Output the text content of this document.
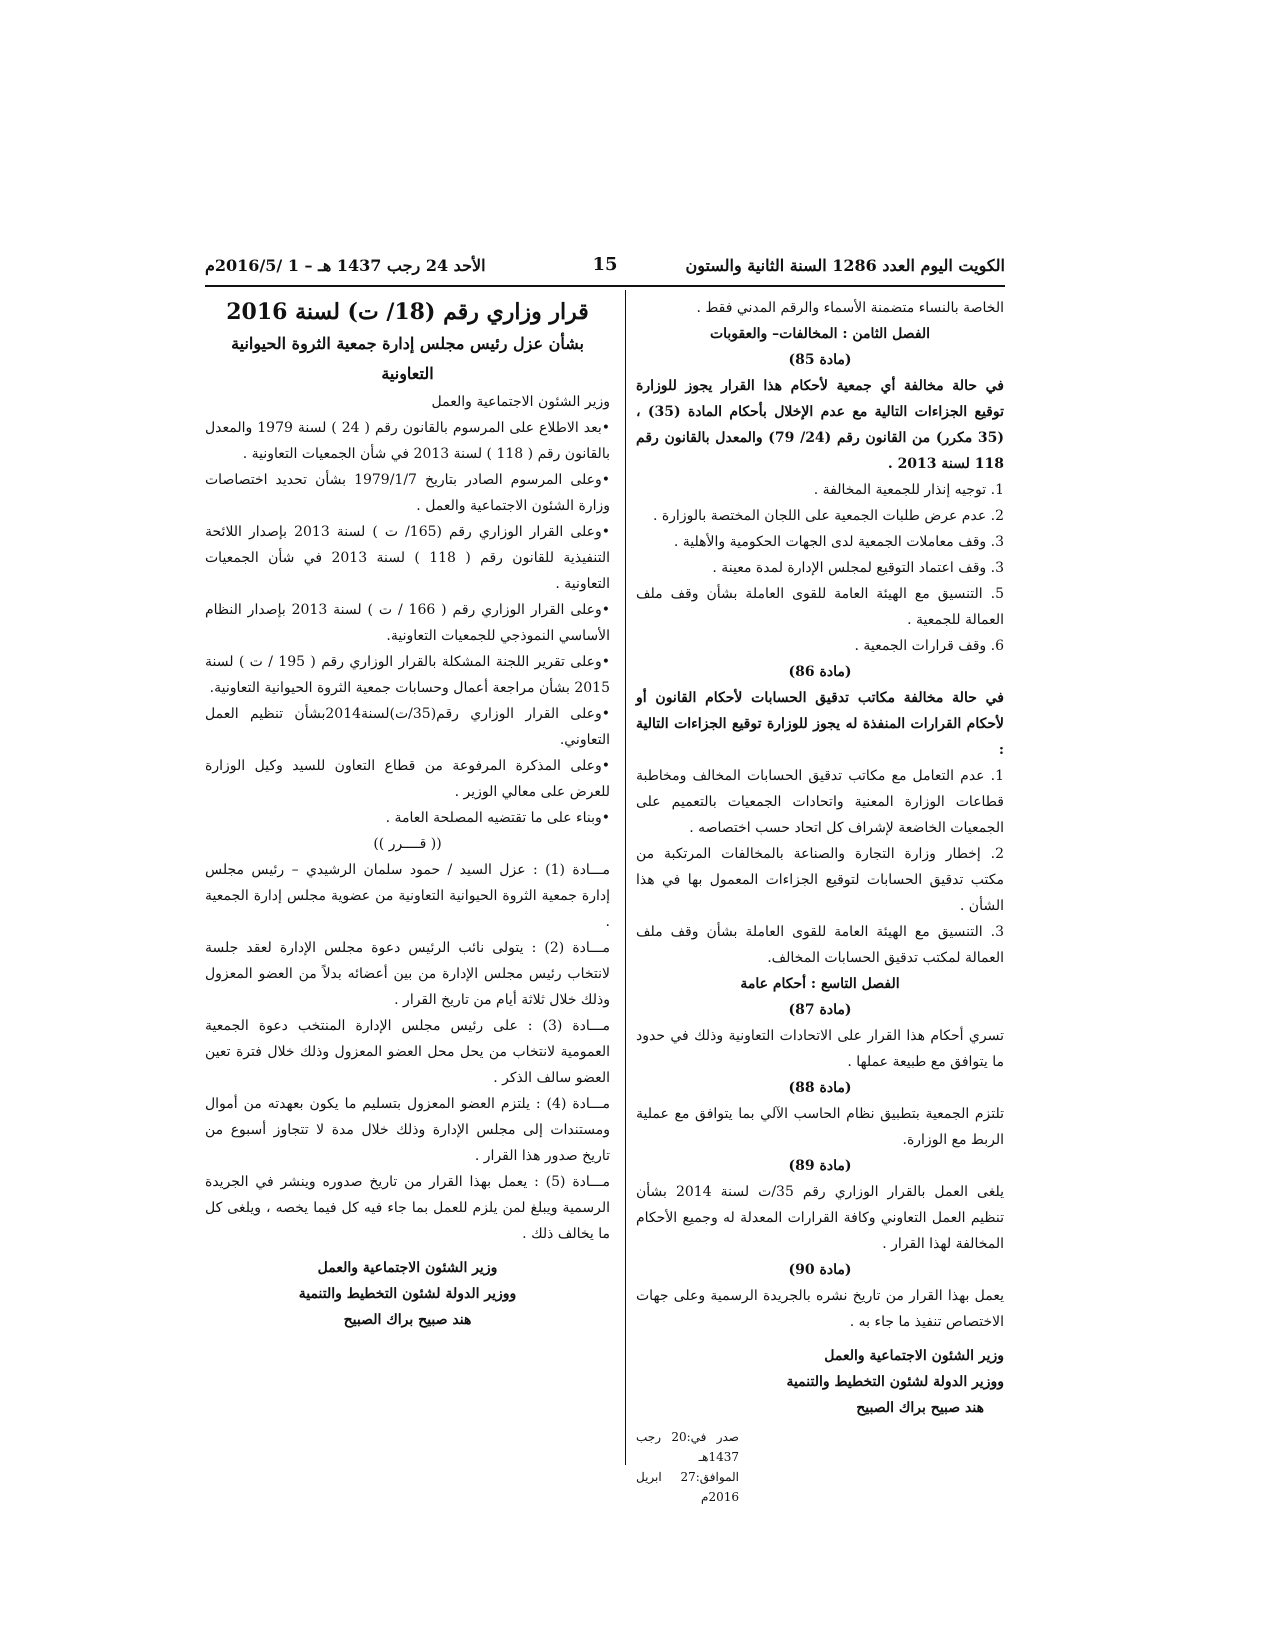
الكويت اليوم العدد 1286 السنة الثانية والستون
15
الأحد 24 رجب 1437 هـ – 1 /2016/5م
الخاصة بالنساء متضمنة الأسماء والرقم المدني فقط .
الفصل الثامن : المخالفات– والعقوبات
(مادة 85)
في حالة مخالفة أي جمعية لأحكام هذا القرار يجوز للوزارة توقيع الجزاءات التالية مع عدم الإخلال بأحكام المادة (35) ، (35 مكرر) من القانون رقم (24/ 79) والمعدل بالقانون رقم 118 لسنة 2013 .
1. توجيه إنذار للجمعية المخالفة .
2. عدم عرض طلبات الجمعية على اللجان المختصة بالوزارة .
3. وقف معاملات الجمعية لدى الجهات الحكومية والأهلية .
3. وقف اعتماد التوقيع لمجلس الإدارة لمدة معينة .
5. التنسيق مع الهيئة العامة للقوى العاملة بشأن وقف ملف العمالة للجمعية .
6. وقف قرارات الجمعية .
(مادة 86)
في حالة مخالفة مكاتب تدقيق الحسابات لأحكام القانون أو لأحكام القرارات المنفذة له يجوز للوزارة توقيع الجزاءات التالية :
1. عدم التعامل مع مكاتب تدقيق الحسابات المخالف ومخاطبة قطاعات الوزارة المعنية واتحادات الجمعيات بالتعميم على الجمعيات الخاضعة لإشراف كل اتحاد حسب اختصاصه .
2. إخطار وزارة التجارة والصناعة بالمخالفات المرتكبة من مكتب تدقيق الحسابات لتوقيع الجزاءات المعمول بها في هذا الشأن .
3. التنسيق مع الهيئة العامة للقوى العاملة بشأن وقف ملف العمالة لمكتب تدقيق الحسابات المخالف.
الفصل التاسع : أحكام عامة
(مادة 87)
تسري أحكام هذا القرار على الاتحادات التعاونية وذلك في حدود ما يتوافق مع طبيعة عملها .
(مادة 88)
تلتزم الجمعية بتطبيق نظام الحاسب الآلي بما يتوافق مع عملية الربط مع الوزارة.
(مادة 89)
يلغى العمل بالقرار الوزاري رقم 35/ت لسنة 2014 بشأن تنظيم العمل التعاوني وكافة القرارات المعدلة له وجميع الأحكام المخالفة لهذا القرار .
(مادة 90)
يعمل بهذا القرار من تاريخ نشره بالجريدة الرسمية وعلى جهات الاختصاص تنفيذ ما جاء به .
وزير الشئون الاجتماعية والعمل
ووزير الدولة لشئون التخطيط والتنمية
هند صبيح براك الصبيح
صدر في:20 رجب 1437هـ
الموافق:27 ابريل 2016م
قرار وزاري رقم (18/ ت) لسنة 2016
بشأن عزل رئيس مجلس إدارة جمعية الثروة الحيوانية التعاونية
وزير الشئون الاجتماعية والعمل
•بعد الاطلاع على المرسوم بالقانون رقم ( 24 ) لسنة 1979 والمعدل بالقانون رقم ( 118 ) لسنة 2013 في شأن الجمعيات التعاونية .
•وعلى المرسوم الصادر بتاريخ 1979/1/7 بشأن تحديد اختصاصات وزارة الشئون الاجتماعية والعمل .
•وعلى القرار الوزاري رقم (165/ ت ) لسنة 2013 بإصدار اللائحة التنفيذية للقانون رقم ( 118 ) لسنة 2013 في شأن الجمعيات التعاونية .
•وعلى القرار الوزاري رقم ( 166 / ت ) لسنة 2013 بإصدار النظام الأساسي النموذجي للجمعيات التعاونية.
•وعلى تقرير اللجنة المشكلة بالقرار الوزاري رقم ( 195 / ت ) لسنة 2015 بشأن مراجعة أعمال وحسابات جمعية الثروة الحيوانية التعاونية.
•وعلى القرار الوزاري رقم(35/ت)لسنة2014بشأن تنظيم العمل التعاوني.
•وعلى المذكرة المرفوعة من قطاع التعاون للسيد وكيل الوزارة للعرض على معالي الوزير .
•وبناء على ما تقتضيه المصلحة العامة .
(( قــــرر ))
مـــادة (1) : عزل السيد / حمود سلمان الرشيدي – رئيس مجلس إدارة جمعية الثروة الحيوانية التعاونية من عضوية مجلس إدارة الجمعية .
مـــادة (2) : يتولى نائب الرئيس دعوة مجلس الإدارة لعقد جلسة لانتخاب رئيس مجلس الإدارة من بين أعضائه بدلاً من العضو المعزول وذلك خلال ثلاثة أيام من تاريخ القرار .
مـــادة (3) : على رئيس مجلس الإدارة المنتخب دعوة الجمعية العمومية لانتخاب من يحل محل العضو المعزول وذلك خلال فترة تعين العضو سالف الذكر .
مـــادة (4) : يلتزم العضو المعزول بتسليم ما يكون بعهدته من أموال ومستندات إلى مجلس الإدارة وذلك خلال مدة لا تتجاوز أسبوع من تاريخ صدور هذا القرار .
مـــادة (5) : يعمل بهذا القرار من تاريخ صدوره وينشر في الجريدة الرسمية ويبلغ لمن يلزم للعمل بما جاء فيه كل فيما يخصه ، ويلغى كل ما يخالف ذلك .
وزير الشئون الاجتماعية والعمل
ووزير الدولة لشئون التخطيط والتنمية
هند صبيح براك الصبيح
